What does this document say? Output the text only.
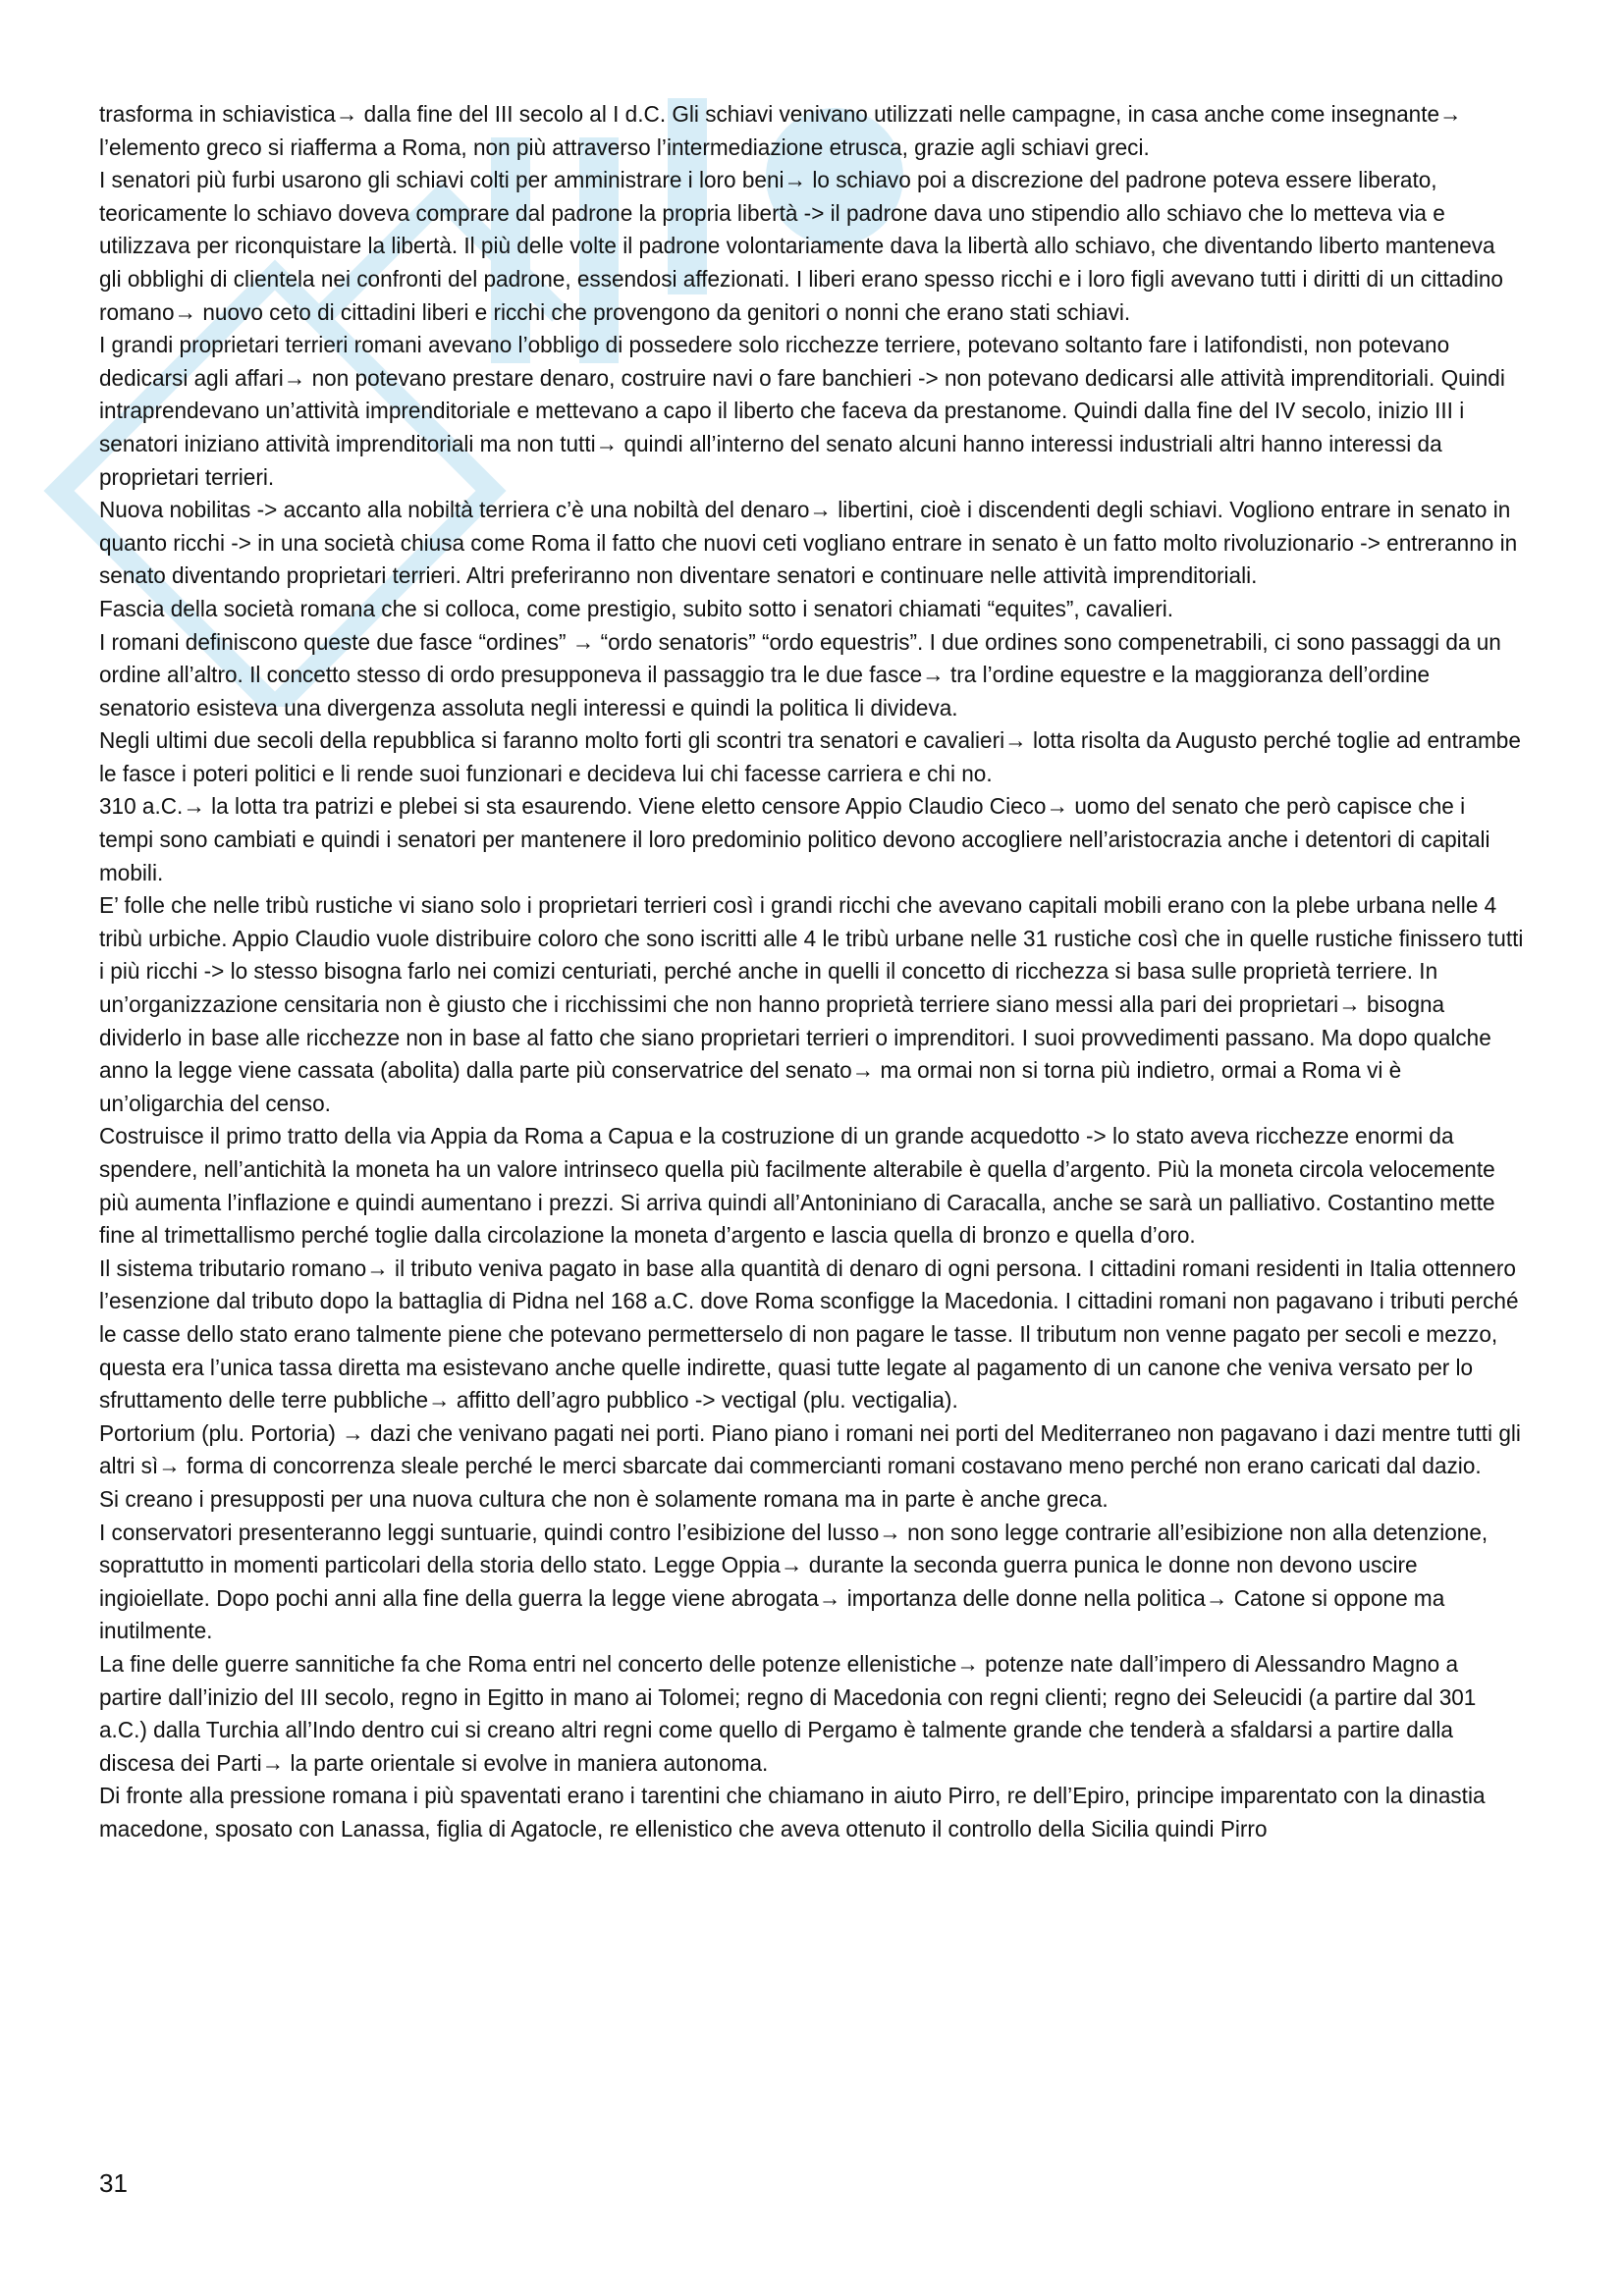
trasforma in schiavistica→ dalla fine del III secolo al I d.C. Gli schiavi venivano utilizzati nelle campagne, in casa anche come insegnante→ l’elemento greco si riafferma a Roma, non più attraverso l’intermediazione etrusca, grazie agli schiavi greci.

I senatori più furbi usarono gli schiavi colti per amministrare i loro beni→ lo schiavo poi a discrezione del padrone poteva essere liberato, teoricamente lo schiavo doveva comprare dal padrone la propria libertà -> il padrone dava uno stipendio allo schiavo che lo metteva via e utilizzava per riconquistare la libertà. Il più delle volte il padrone volontariamente dava la libertà allo schiavo, che diventando liberto manteneva gli obblighi di clientela nei confronti del padrone, essendosi affezionati. I liberi erano spesso ricchi e i loro figli avevano tutti i diritti di un cittadino romano→ nuovo ceto di cittadini liberi e ricchi che provengono da genitori o nonni che erano stati schiavi.

I grandi proprietari terrieri romani avevano l’obbligo di possedere solo ricchezze terriere, potevano soltanto fare i latifondisti, non potevano dedicarsi agli affari→ non potevano prestare denaro, costruire navi o fare banchieri -> non potevano dedicarsi alle attività imprenditoriali. Quindi intraprendevano un’attività imprenditoriale e mettevano a capo il liberto che faceva da prestanome. Quindi dalla fine del IV secolo, inizio III i senatori iniziano attività imprenditoriali ma non tutti→ quindi all’interno del senato alcuni hanno interessi industriali altri hanno interessi da proprietari terrieri.

Nuova nobilitas -> accanto alla nobiltà terriera c’è una nobiltà del denaro→ libertini, cioè i discendenti degli schiavi. Vogliono entrare in senato in quanto ricchi -> in una società chiusa come Roma il fatto che nuovi ceti vogliano entrare in senato è un fatto molto rivoluzionario -> entreranno in senato diventando proprietari terrieri. Altri preferiranno non diventare senatori e continuare nelle attività imprenditoriali.

Fascia della società romana che si colloca, come prestigio, subito sotto i senatori chiamati “equites”, cavalieri.

I romani definiscono queste due fasce “ordines” → “ordo senatoris” “ordo equestris”. I due ordines sono compenetrabili, ci sono passaggi da un ordine all’altro. Il concetto stesso di ordo presupponeva il passaggio tra le due fasce→ tra l’ordine equestre e la maggioranza dell’ordine senatorio esisteva una divergenza assoluta negli interessi e quindi la politica li divideva.

Negli ultimi due secoli della repubblica si faranno molto forti gli scontri tra senatori e cavalieri→ lotta risolta da Augusto perché toglie ad entrambe le fasce i poteri politici e li rende suoi funzionari e decideva lui chi facesse carriera e chi no.

310 a.C.→ la lotta tra patrizi e plebei si sta esaurendo. Viene eletto censore Appio Claudio Cieco→ uomo del senato che però capisce che i tempi sono cambiati e quindi i senatori per mantenere il loro predominio politico devono accogliere nell’aristocrazia anche i detentori di capitali mobili.

E’ folle che nelle tribù rustiche vi siano solo i proprietari terrieri così i grandi ricchi che avevano capitali mobili erano con la plebe urbana nelle 4 tribù urbiche. Appio Claudio vuole distribuire coloro che sono iscritti alle 4 le tribù urbane nelle 31 rustiche così che in quelle rustiche finissero tutti i più ricchi -> lo stesso bisogna farlo nei comizi centuriati, perché anche in quelli il concetto di ricchezza si basa sulle proprietà terriere. In un’organizzazione censitaria non è giusto che i ricchissimi che non hanno proprietà terriere siano messi alla pari dei proprietari→ bisogna dividerlo in base alle ricchezze non in base al fatto che siano proprietari terrieri o imprenditori. I suoi provvedimenti passano. Ma dopo qualche anno la legge viene cassata (abolita) dalla parte più conservatrice del senato→ ma ormai non si torna più indietro, ormai a Roma vi è un’oligarchia del censo.

Costruisce il primo tratto della via Appia da Roma a Capua e la costruzione di un grande acquedotto -> lo stato aveva ricchezze enormi da spendere, nell’antichità la moneta ha un valore intrinseco quella più facilmente alterabile è quella d’argento. Più la moneta circola velocemente più aumenta l’inflazione e quindi aumentano i prezzi. Si arriva quindi all’Antoniniano di Caracalla, anche se sarà un palliativo. Costantino mette fine al trimettallismo perché toglie dalla circolazione la moneta d’argento e lascia quella di bronzo e quella d’oro.

Il sistema tributario romano→ il tributo veniva pagato in base alla quantità di denaro di ogni persona. I cittadini romani residenti in Italia ottennero l’esenzione dal tributo dopo la battaglia di Pidna nel 168 a.C. dove Roma sconfigge la Macedonia. I cittadini romani non pagavano i tributi perché le casse dello stato erano talmente piene che potevano permetterselo di non pagare le tasse. Il tributum non venne pagato per secoli e mezzo, questa era l’unica tassa diretta ma esistevano anche quelle indirette, quasi tutte legate al pagamento di un canone che veniva versato per lo sfruttamento delle terre pubbliche→ affitto dell’agro pubblico -> vectigal (plu. vectigalia).

Portorium (plu. Portoria) → dazi che venivano pagati nei porti. Piano piano i romani nei porti del Mediterraneo non pagavano i dazi mentre tutti gli altri sì→ forma di concorrenza sleale perché le merci sbarcate dai commercianti romani costavano meno perché non erano caricati dal dazio.

Si creano i presupposti per una nuova cultura che non è solamente romana ma in parte è anche greca.

I conservatori presenteranno leggi suntuarie, quindi contro l’esibizione del lusso→ non sono legge contrarie all’esibizione non alla detenzione, soprattutto in momenti particolari della storia dello stato. Legge Oppia→ durante la seconda guerra punica le donne non devono uscire ingioiellate. Dopo pochi anni alla fine della guerra la legge viene abrogata→ importanza delle donne nella politica→ Catone si oppone ma inutilmente.

La fine delle guerre sannitiche fa che Roma entri nel concerto delle potenze ellenistiche→ potenze nate dall’impero di Alessandro Magno a partire dall’inizio del III secolo, regno in Egitto in mano ai Tolomei; regno di Macedonia con regni clienti; regno dei Seleucidi (a partire dal 301 a.C.) dalla Turchia all’Indo dentro cui si creano altri regni come quello di Pergamo è talmente grande che tenderà a sfaldarsi a partire dalla discesa dei Parti→ la parte orientale si evolve in maniera autonoma.

Di fronte alla pressione romana i più spaventati erano i tarentini che chiamano in aiuto Pirro, re dell’Epiro, principe imparentato con la dinastia macedone, sposato con Lanassa, figlia di Agatocle, re ellenistico che aveva ottenuto il controllo della Sicilia quindi Pirro

31
